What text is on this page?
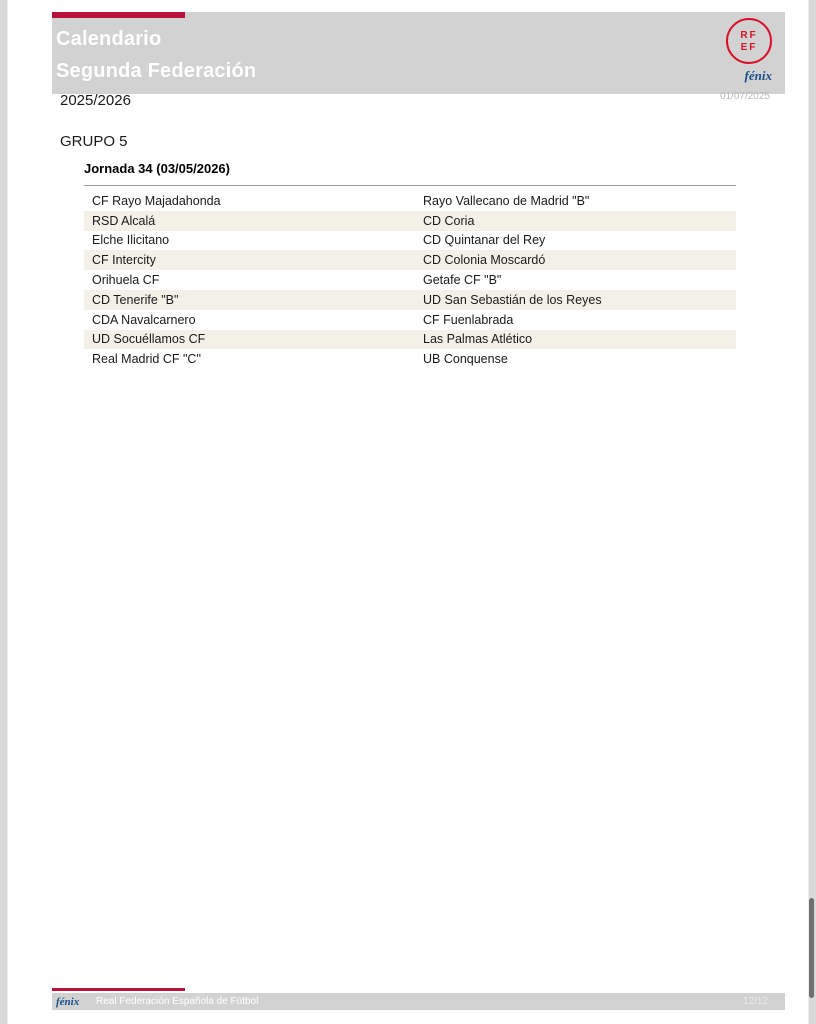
Calendario
Segunda Federación
RF
EF
fénix
2025/2026	01/07/2025
GRUPO 5
Jornada 34 (03/05/2026)
CF Rayo Majadahonda	Rayo Vallecano de Madrid "B"
RSD Alcalá	CD Coria
Elche Ilicitano	CD Quintanar del Rey
CF Intercity	CD Colonia Moscardó
Orihuela CF	Getafe CF "B"
CD Tenerife "B"	UD San Sebastián de los Reyes
CDA Navalcarnero	CF Fuenlabrada
UD Socuéllamos CF	Las Palmas Atlético
Real Madrid CF "C"	UB Conquense
fénix Real Federación Española de Fútbol	12/12
